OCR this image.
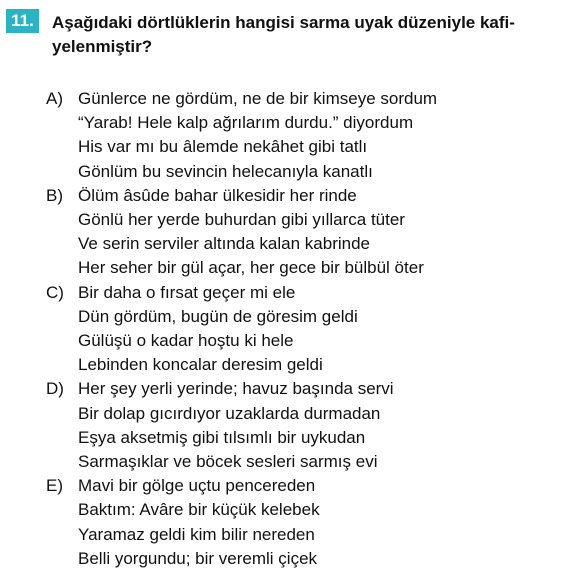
11.	Aşağıdaki dörtlüklerin hangisi sarma uyak düzeniyle kafi-
yelenmiştir?

A) Günlerce ne gördüm, ne de bir kimseye sordum
“Yarab! Hele kalp ağrılarım durdu.” diyordum
His var mı bu âlemde nekâhet gibi tatlı
Gönlüm bu sevincin helecanıyla kanatlı
B) Ölüm âsûde bahar ülkesidir her rinde
Gönlü her yerde buhurdan gibi yıllarca tüter
Ve serin serviler altında kalan kabrinde
Her seher bir gül açar, her gece bir bülbül öter
C) Bir daha o fırsat geçer mi ele
Dün gördüm, bugün de göresim geldi
Gülüşü o kadar hoştu ki hele
Lebinden koncalar deresim geldi
D) Her şey yerli yerinde; havuz başında servi
Bir dolap gıcırdıyor uzaklarda durmadan
Eşya aksetmiş gibi tılsımlı bir uykudan
Sarmaşıklar ve böcek sesleri sarmış evi
E) Mavi bir gölge uçtu pencereden
Baktım: Avâre bir küçük kelebek
Yaramaz geldi kim bilir nereden
Belli yorgundu; bir veremli çiçek
